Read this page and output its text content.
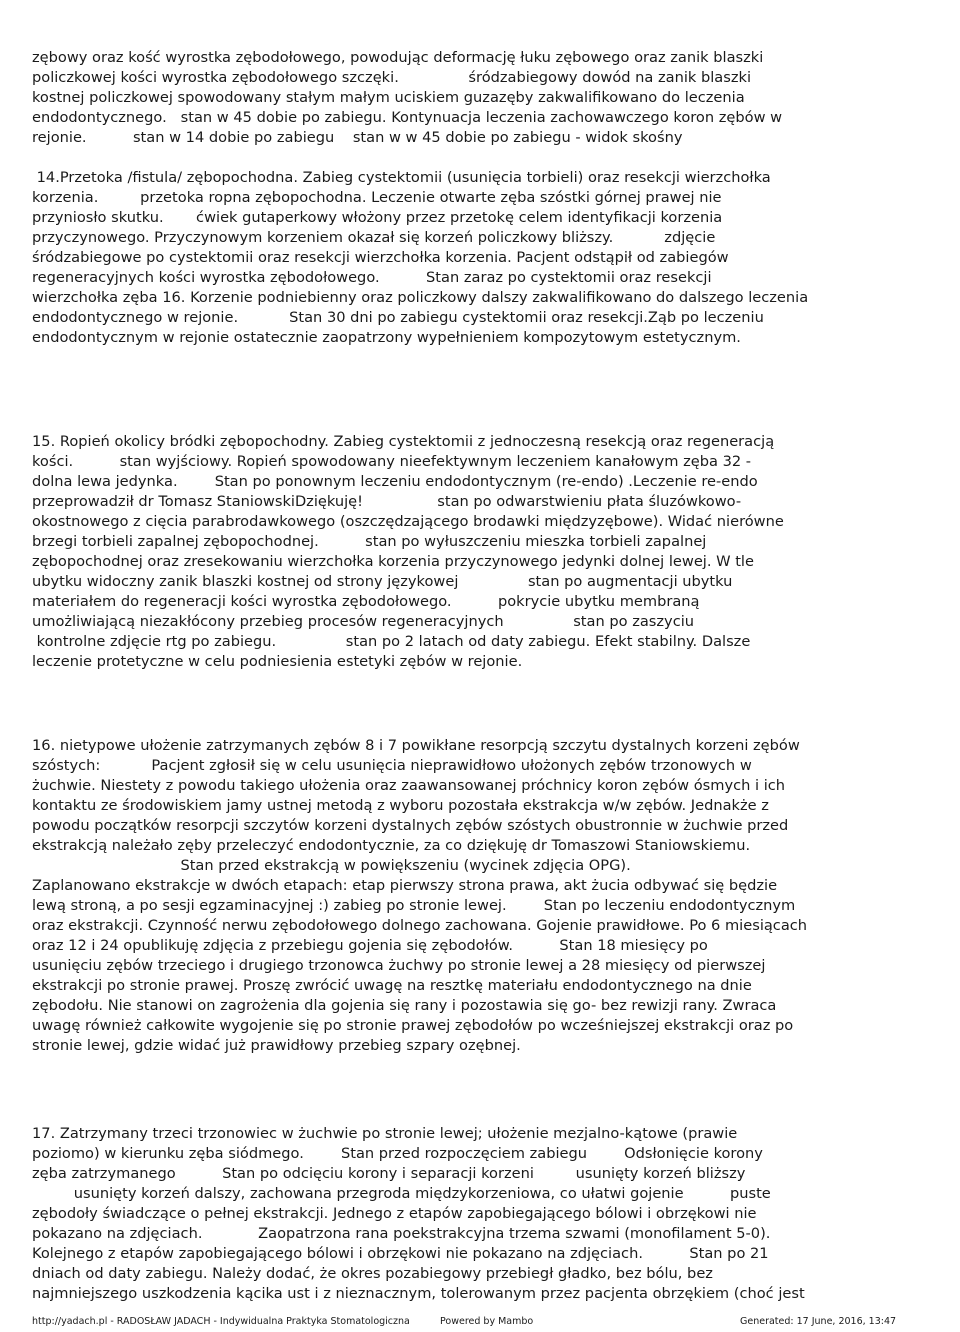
zębowy oraz kość wyrostka zębodołowego, powodując deformację łuku zębowego oraz zanik blaszki

policzkowej kości wyrostka zębodołowego szczęki.               śródzabiegowy dowód na zanik blaszki

kostnej policzkowej spowodowany stałym małym uciskiem guzazęby zakwalifikowano do leczenia

endodontycznego.   stan w 45 dobie po zabiegu. Kontynuacja leczenia zachowawczego koron zębów w

rejonie.          stan w 14 dobie po zabiegu    stan w w 45 dobie po zabiegu - widok skośny

14.Przetoka /fistula/ zębopochodna. Zabieg cystektomii (usunięcia torbieli) oraz resekcji wierzchołka

korzenia.         przetoka ropna zębopochodna. Leczenie otwarte zęba szóstki górnej prawej nie

przyniosło skutku.       ćwiek gutaperkowy włożony przez przetokę celem identyfikacji korzenia

przyczynowego. Przyczynowym korzeniem okazał się korzeń policzkowy bliższy.           zdjęcie

śródzabiegowe po cystektomii oraz resekcji wierzchołka korzenia. Pacjent odstąpił od zabiegów

regeneracyjnych kości wyrostka zębodołowego.          Stan zaraz po cystektomii oraz resekcji

wierzchołka zęba 16. Korzenie podniebienny oraz policzkowy dalszy zakwalifikowano do dalszego leczenia

endodontycznego w rejonie.           Stan 30 dni po zabiegu cystektomii oraz resekcji.Ząb po leczeniu

endodontycznym w rejonie ostatecznie zaopatrzony wypełnieniem kompozytowym estetycznym.

15. Ropień okolicy bródki zębopochodny. Zabieg cystektomii z jednoczesną resekcją oraz regeneracją

kości.          stan wyjściowy. Ropień spowodowany nieefektywnym leczeniem kanałowym zęba 32 -

dolna lewa jedynka.        Stan po ponownym leczeniu endodontycznym (re-endo) .Leczenie re-endo

przeprowadził dr Tomasz StaniowskiDziękuję!                stan po odwarstwieniu płata śluzówkowo-

okostnowego z cięcia parabrodawkowego (oszczędzającego brodawki międzyzębowe). Widać nierówne

brzegi torbieli zapalnej zębopochodnej.          stan po wyłuszczeniu mieszka torbieli zapalnej

zębopochodnej oraz zresekowaniu wierzchołka korzenia przyczynowego jedynki dolnej lewej. W tle

ubytku widoczny zanik blaszki kostnej od strony językowej               stan po augmentacji ubytku

materiałem do regeneracji kości wyrostka zębodołowego.          pokrycie ubytku membraną

umożliwiającą niezakłócony przebieg procesów regeneracyjnych               stan po zaszyciu

kontrolne zdjęcie rtg po zabiegu.               stan po 2 latach od daty zabiegu. Efekt stabilny. Dalsze

leczenie protetyczne w celu podniesienia estetyki zębów w rejonie.

16. nietypowe ułożenie zatrzymanych zębów 8 i 7 powikłane resorpcją szczytu dystalnych korzeni zębów

szóstych:           Pacjent zgłosił się w celu usunięcia nieprawidłowo ułożonych zębów trzonowych w

żuchwie. Niestety z powodu takiego ułożenia oraz zaawansowanej próchnicy koron zębów ósmych i ich

kontaktu ze środowiskiem jamy ustnej metodą z wyboru pozostała ekstrakcja w/w zębów. Jednakże z

powodu początków resorpcji szczytów korzeni dystalnych zębów szóstych obustronnie w żuchwie przed

ekstrakcją należało zęby przeleczyć endodontycznie, za co dziękuję dr Tomaszowi Staniowskiemu.

Stan przed ekstrakcją w powiększeniu (wycinek zdjęcia OPG).

Zaplanowano ekstrakcje w dwóch etapach: etap pierwszy strona prawa, akt żucia odbywać się będzie

lewą stroną, a po sesji egzaminacyjnej :) zabieg po stronie lewej.        Stan po leczeniu endodontycznym

oraz ekstrakcji. Czynność nerwu zębodołowego dolnego zachowana. Gojenie prawidłowe. Po 6 miesiącach

oraz 12 i 24 opublikuję zdjęcia z przebiegu gojenia się zębodołów.          Stan 18 miesięcy po

usunięciu zębów trzeciego i drugiego trzonowca żuchwy po stronie lewej a 28 miesięcy od pierwszej

ekstrakcji po stronie prawej. Proszę zwrócić uwagę na resztkę materiału endodontycznego na dnie

zębodołu. Nie stanowi on zagrożenia dla gojenia się rany i pozostawia się go- bez rewizji rany. Zwraca

uwagę również całkowite wygojenie się po stronie prawej zębodołów po wcześniejszej ekstrakcji oraz po

stronie lewej, gdzie widać już prawidłowy przebieg szpary ozębnej.

17. Zatrzymany trzeci trzonowiec w żuchwie po stronie lewej; ułożenie mezjalno-kątowe (prawie

poziomo) w kierunku zęba siódmego.        Stan przed rozpoczęciem zabiegu        Odsłonięcie korony

zęba zatrzymanego          Stan po odcięciu korony i separacji korzeni         usunięty korzeń bliższy

usunięty korzeń dalszy, zachowana przegroda międzykorzeniowa, co ułatwi gojenie          puste

zębodoły świadczące o pełnej ekstrakcji. Jednego z etapów zapobiegającego bólowi i obrzękowi nie

pokazano na zdjęciach.            Zaopatrzona rana poekstrakcyjna trzema szwami (monofilament 5-0).

Kolejnego z etapów zapobiegającego bólowi i obrzękowi nie pokazano na zdjęciach.          Stan po 21

dniach od daty zabiegu. Należy dodać, że okres pozabiegowy przebiegł gładko, bez bólu, bez

najmniejszego uszkodzenia kącika ust i z nieznacznym, tolerowanym przez pacjenta obrzękiem (choć jest

http://yadach.pl - RADOSŁAW JADACH - Indywidualna Praktyka Stomatologiczna	Powered by Mambo	Generated: 17 June, 2016, 13:47
